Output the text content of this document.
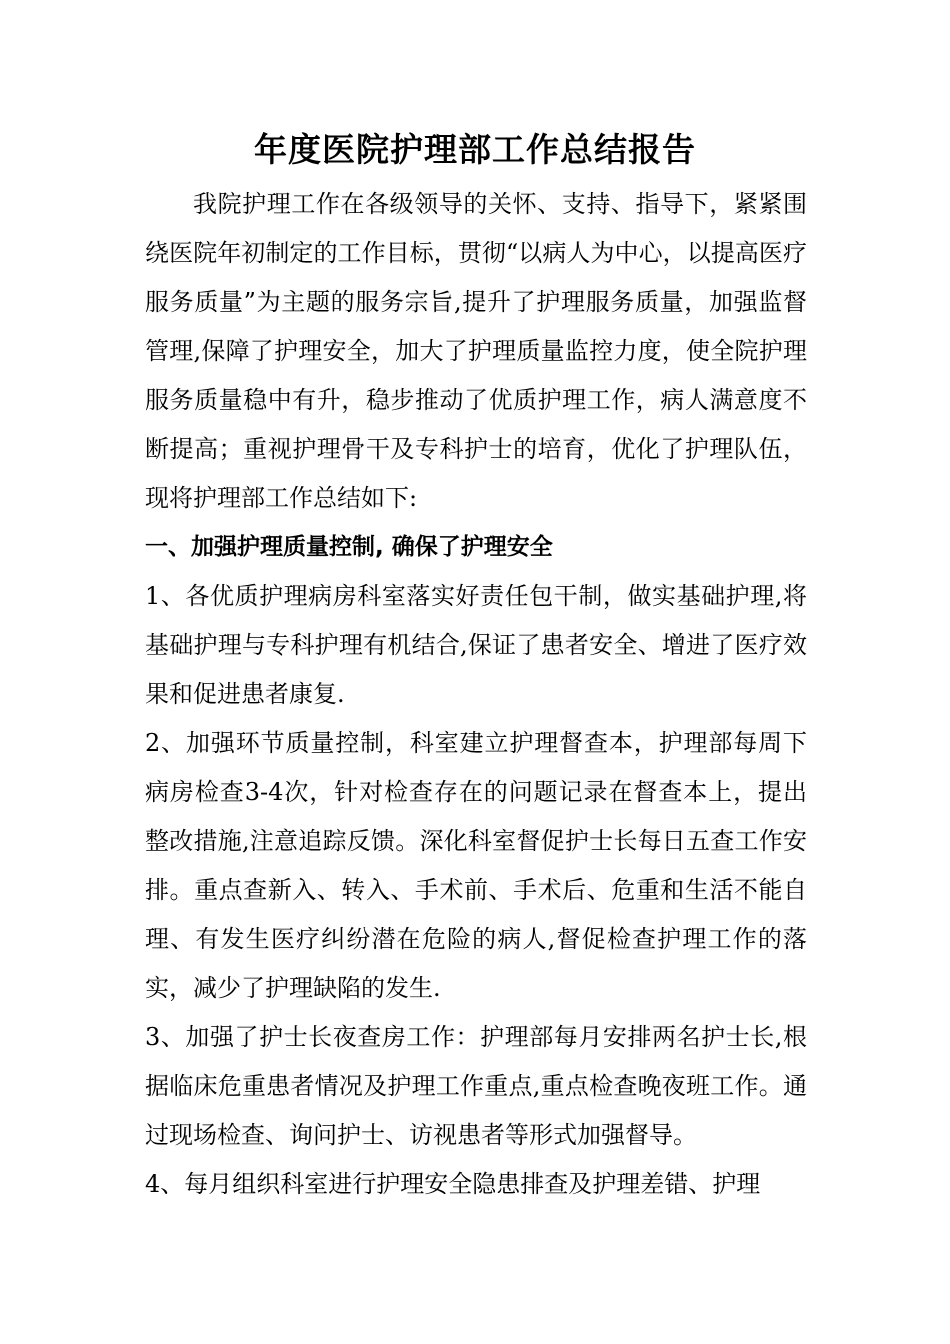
年度医院护理部工作总结报告

我院护理工作在各级领导的关怀、支持、指导下，紧紧围绕医院年初制定的工作目标，贯彻“以病人为中心，以提高医疗服务质量”为主题的服务宗旨,提升了护理服务质量，加强监督管理,保障了护理安全，加大了护理质量监控力度，使全院护理服务质量稳中有升，稳步推动了优质护理工作，病人满意度不断提高；重视护理骨干及专科护士的培育，优化了护理队伍，现将护理部工作总结如下:

一、加强护理质量控制, 确保了护理安全

1、各优质护理病房科室落实好责任包干制，做实基础护理,将基础护理与专科护理有机结合,保证了患者安全、增进了医疗效果和促进患者康复.

2、加强环节质量控制，科室建立护理督查本，护理部每周下病房检查3-4次，针对检查存在的问题记录在督查本上，提出整改措施,注意追踪反馈。深化科室督促护士长每日五查工作安排。重点查新入、转入、手术前、手术后、危重和生活不能自理、有发生医疗纠纷潜在危险的病人,督促检查护理工作的落实，减少了护理缺陷的发生.

3、加强了护士长夜查房工作：护理部每月安排两名护士长,根据临床危重患者情况及护理工作重点,重点检查晚夜班工作。通过现场检查、询问护士、访视患者等形式加强督导。

4、每月组织科室进行护理安全隐患排查及护理差错、护理
